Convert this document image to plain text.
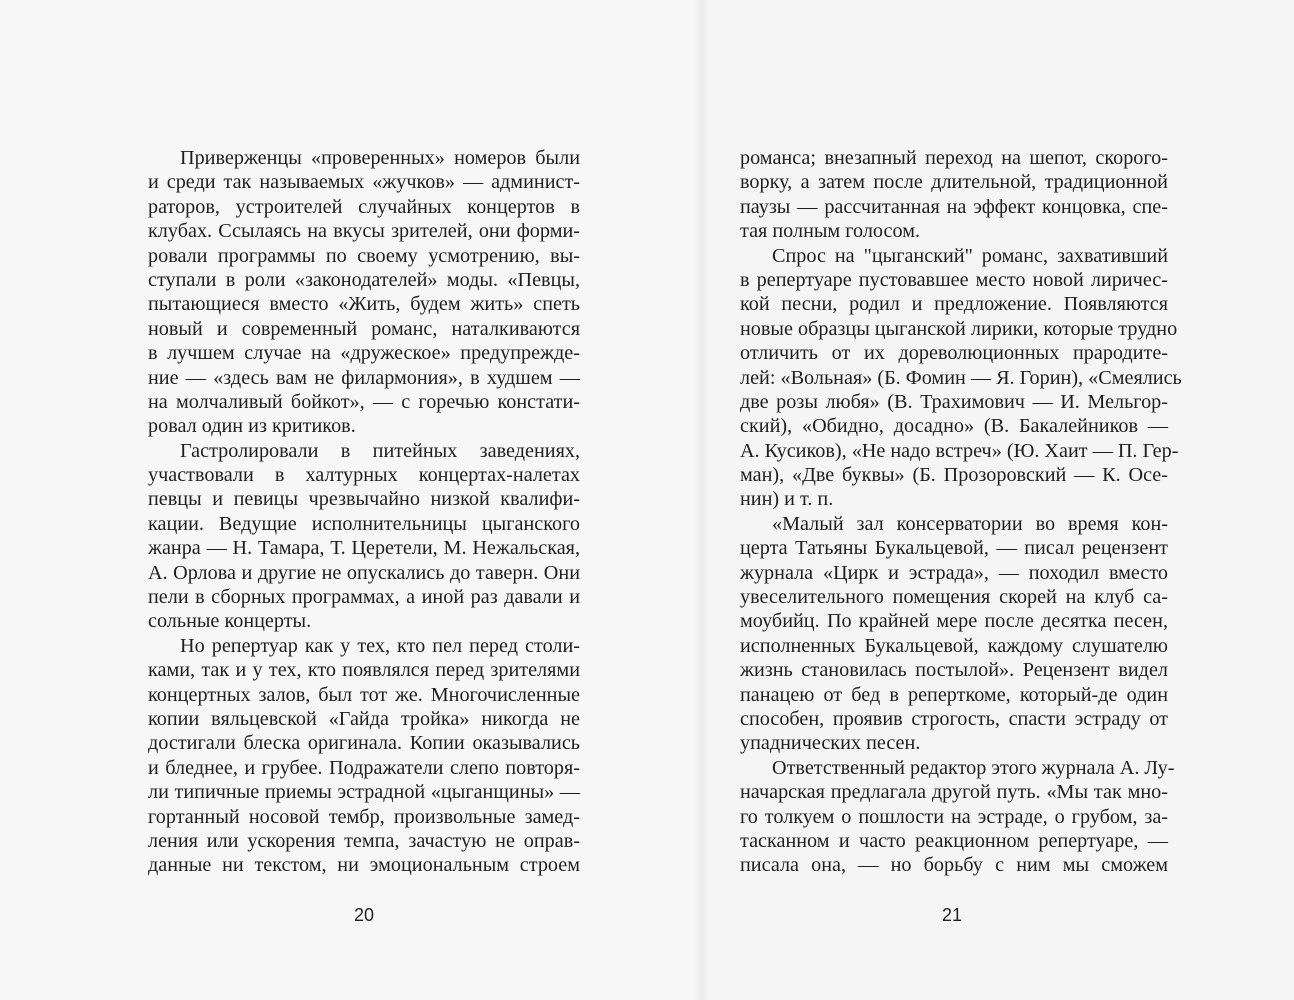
Приверженцы «проверенных» номеров были
и среди так называемых «жучков» — админист-
раторов, устроителей случайных концертов в
клубах. Ссылаясь на вкусы зрителей, они форми-
ровали программы по своему усмотрению, вы-
ступали в роли «законодателей» моды. «Певцы,
пытающиеся вместо «Жить, будем жить» спеть
новый и современный романс, наталкиваются
в лучшем случае на «дружеское» предупрежде-
ние — «здесь вам не филармония», в худшем —
на молчаливый бойкот», — с горечью констати-
ровал один из критиков.
Гастролировали в питейных заведениях,
участвовали в халтурных концертах-налетах
певцы и певицы чрезвычайно низкой квалифи-
кации. Ведущие исполнительницы цыганского
жанра — Н. Тамара, Т. Церетели, М. Нежальская,
А. Орлова и другие не опускались до таверн. Они
пели в сборных программах, а иной раз давали и
сольные концерты.
Но репертуар как у тех, кто пел перед столи-
ками, так и у тех, кто появлялся перед зрителями
концертных залов, был тот же. Многочисленные
копии вяльцевской «Гайда тройка» никогда не
достигали блеска оригинала. Копии оказывались
и бледнее, и грубее. Подражатели слепо повторя-
ли типичные приемы эстрадной «цыганщины» —
гортанный носовой тембр, произвольные замед-
ления или ускорения темпа, зачастую не оправ-
данные ни текстом, ни эмоциональным строем
20
романса; внезапный переход на шепот, скорого-
ворку, а затем после длительной, традиционной
паузы — рассчитанная на эффект концовка, спе-
тая полным голосом.
Спрос на "цыганский" романс, захвативший
в репертуаре пустовавшее место новой лиричес-
кой песни, родил и предложение. Появляются
новые образцы цыганской лирики, которые трудно
отличить от их дореволюционных прародите-
лей: «Вольная» (Б. Фомин — Я. Горин), «Смеялись
две розы любя» (В. Трахимович — И. Мельгор-
ский), «Обидно, досадно» (В. Бакалейников —
А. Кусиков), «Не надо встреч» (Ю. Хаит — П. Гер-
ман), «Две буквы» (Б. Прозоровский — К. Осе-
нин) и т. п.
«Малый зал консерватории во время кон-
церта Татьяны Букальцевой, — писал рецензент
журнала «Цирк и эстрада», — походил вместо
увеселительного помещения скорей на клуб са-
моубийц. По крайней мере после десятка песен,
исполненных Букальцевой, каждому слушателю
жизнь становилась постылой». Рецензент видел
панацею от бед в реперткоме, который-де один
способен, проявив строгость, спасти эстраду от
упаднических песен.
Ответственный редактор этого журнала А. Лу-
начарская предлагала другой путь. «Мы так мно-
го толкуем о пошлости на эстраде, о грубом, за-
тасканном и часто реакционном репертуаре, —
писала она, — но борьбу с ним мы сможем
21
